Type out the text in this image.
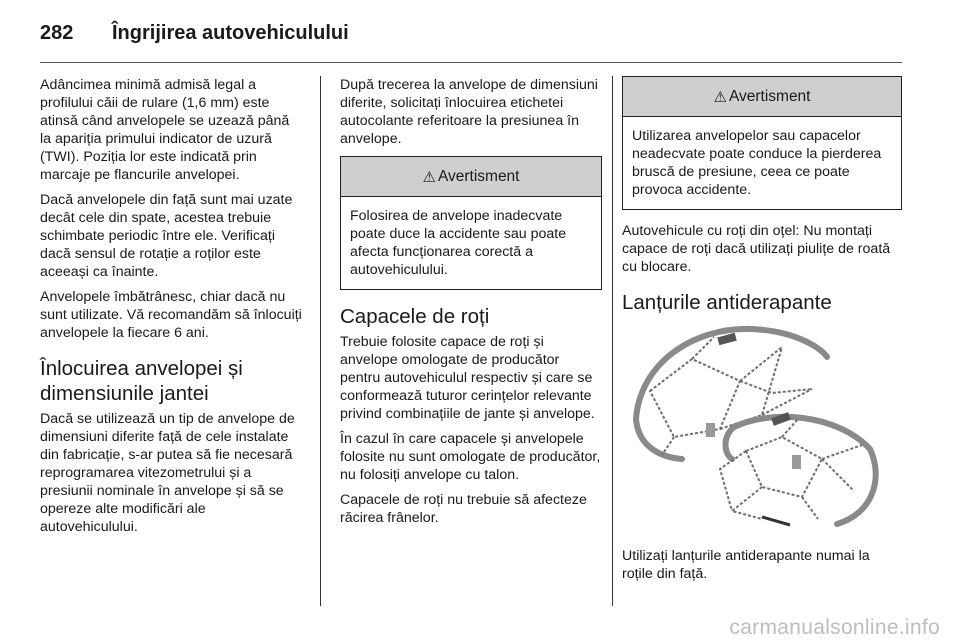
282	Îngrijirea autovehiculului

Adâncimea minimă admisă legal a profilului căii de rulare (1,6 mm) este atinsă când anvelopele se uzează până la apariția primului indicator de uzură (TWI). Poziția lor este indicată prin marcaje pe flancurile anvelopei.

Dacă anvelopele din față sunt mai uzate decât cele din spate, acestea trebuie schimbate periodic între ele. Verificați dacă sensul de rotație a roților este aceeași ca înainte.

Anvelopele îmbătrânesc, chiar dacă nu sunt utilizate. Vă recomandăm să înlocuiți anvelopele la fiecare 6 ani.

Înlocuirea anvelopei și dimensiunile jantei

Dacă se utilizează un tip de anvelope de dimensiuni diferite față de cele instalate din fabricație, s-ar putea să fie necesară reprogramarea vitezometrului și a presiunii nominale în anvelope și să se opereze alte modificări ale autovehiculului.

După trecerea la anvelope de dimensiuni diferite, solicitați înlocuirea etichetei autocolante referitoare la presiunea în anvelope.

⚠ Avertisment
Folosirea de anvelope inadecvate poate duce la accidente sau poate afecta funcționarea corectă a autovehiculului.
Capacele de roți

Trebuie folosite capace de roți și anvelope omologate de producător pentru autovehiculul respectiv și care se conformează tuturor cerințelor relevante privind combinațiile de jante și anvelope.

În cazul în care capacele și anvelopele folosite nu sunt omologate de producător, nu folosiți anvelope cu talon.

Capacele de roți nu trebuie să afecteze răcirea frânelor.

⚠ Avertisment
Utilizarea anvelopelor sau capacelor neadecvate poate conduce la pierderea bruscă de presiune, ceea ce poate provoca accidente.

Autovehicule cu roți din oțel: Nu montați capace de roți dacă utilizați piulițe de roată cu blocare.

Lanțurile antiderapante

Utilizați lanțurile antiderapante numai la roțile din față.

carmanualsonline.info
